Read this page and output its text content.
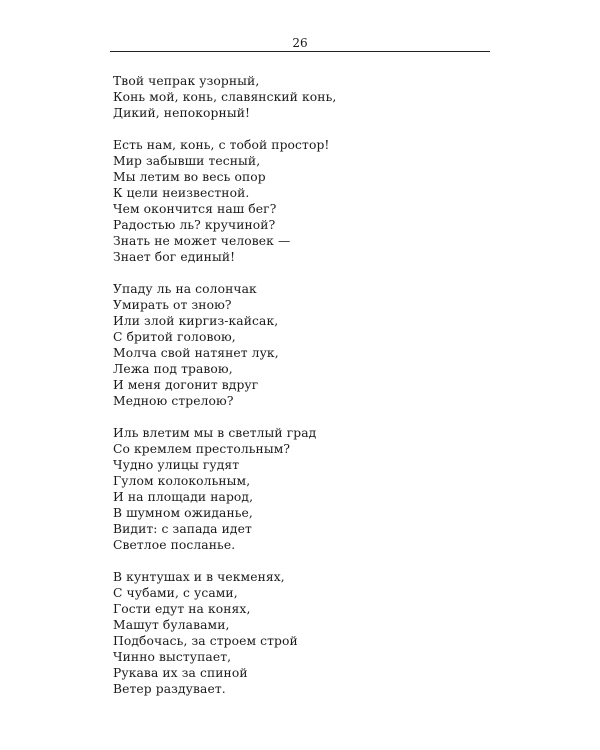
26
Твой чепрак узорный,
Конь мой, конь, славянский конь,
Дикий, непокорный!
Есть нам, конь, с тобой простор!
Мир забывши тесный,
Мы летим во весь опор
К цели неизвестной.
Чем окончится наш бег?
Радостью ль? кручиной?
Знать не может человек —
Знает бог единый!
Упаду ль на солончак
Умирать от зною?
Или злой киргиз-кайсак,
С бритой головою,
Молча свой натянет лук,
Лежа под травою,
И меня догонит вдруг
Медною стрелою?
Иль влетим мы в светлый град
Со кремлем престольным?
Чудно улицы гудят
Гулом колокольным,
И на площади народ,
В шумном ожиданье,
Видит: с запада идет
Светлое посланье.
В кунтушах и в чекменях,
С чубами, с усами,
Гости едут на конях,
Машут булавами,
Подбочась, за строем строй
Чинно выступает,
Рукава их за спиной
Ветер раздувает.
